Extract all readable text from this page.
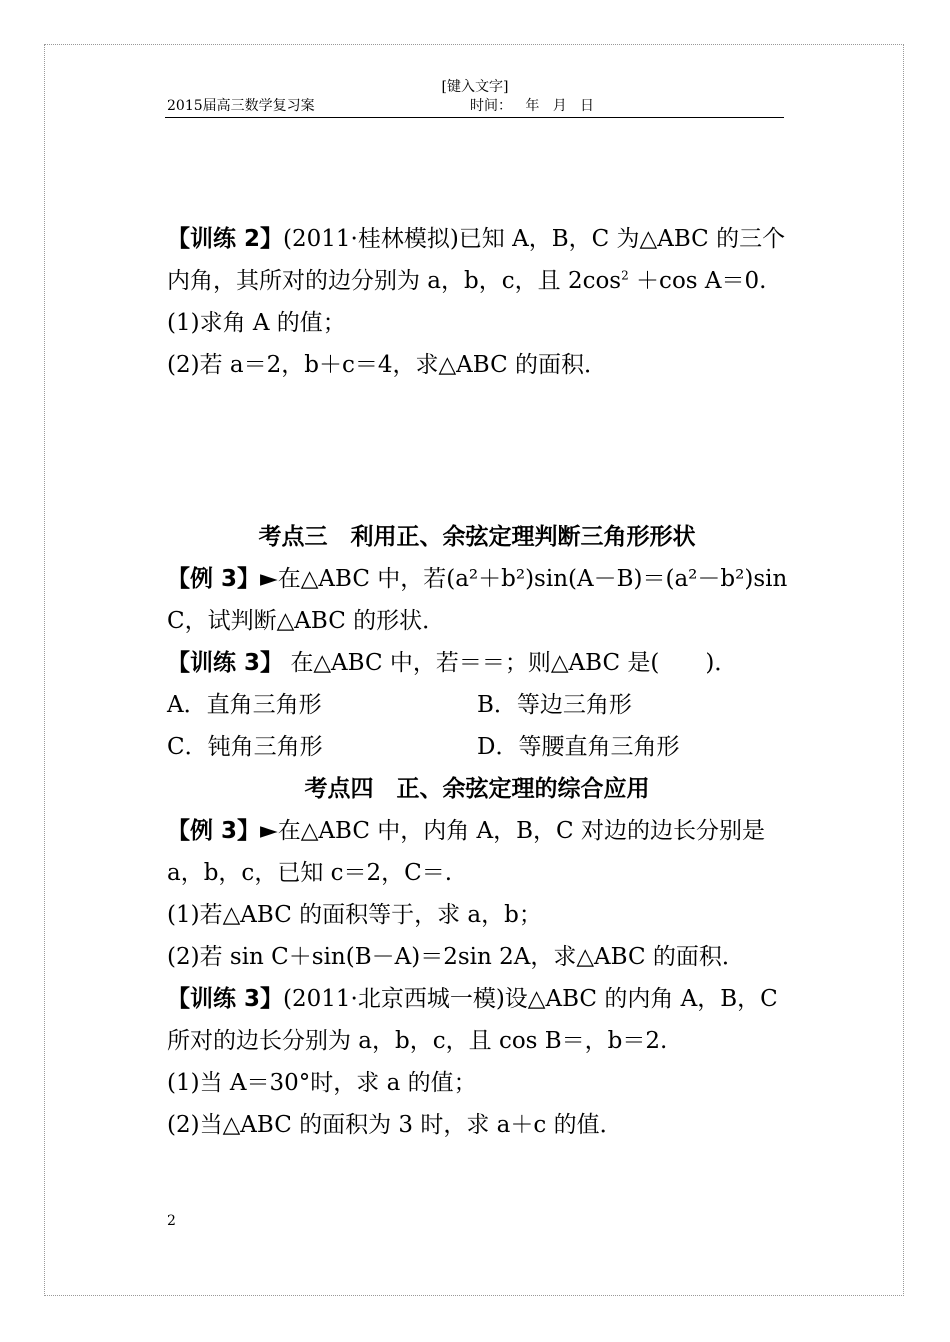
[键入文字]
2015届高三数学复习案	时间：   年   月   日
【训练 2】(2011·桂林模拟)已知 A，B，C 为△ABC 的三个
内角，其所对的边分别为 a，b，c，且 $2\cos^2 +\cos$ A＝0.
(1)求角 A 的值；
(2)若 a＝2，b＋c＝4，求△ABC 的面积．
考点三　利用正、余弦定理判断三角形形状
【例 3】►在△ABC 中，若(a²＋b²)sin(A－B)＝(a²－b²)sin
C，试判断△ABC 的形状．
【训练 3】 在△ABC 中，若＝＝；则△ABC 是(　　)．
A．直角三角形	B．等边三角形
C．钝角三角形	D．等腰直角三角形
考点四　正、余弦定理的综合应用
【例 3】►在△ABC 中，内角 A，B，C 对边的边长分别是
a，b，c，已知 c＝2，C＝.
(1)若△ABC 的面积等于，求 a，b；
(2)若 sin C＋sin(B－A)＝2sin 2A，求△ABC 的面积．
【训练 3】(2011·北京西城一模)设△ABC 的内角 A，B，C
所对的边长分别为 a，b，c，且 cos B＝，b＝2.
(1)当 A＝30°时，求 a 的值；
(2)当△ABC 的面积为 3 时，求 a＋c 的值．
2
